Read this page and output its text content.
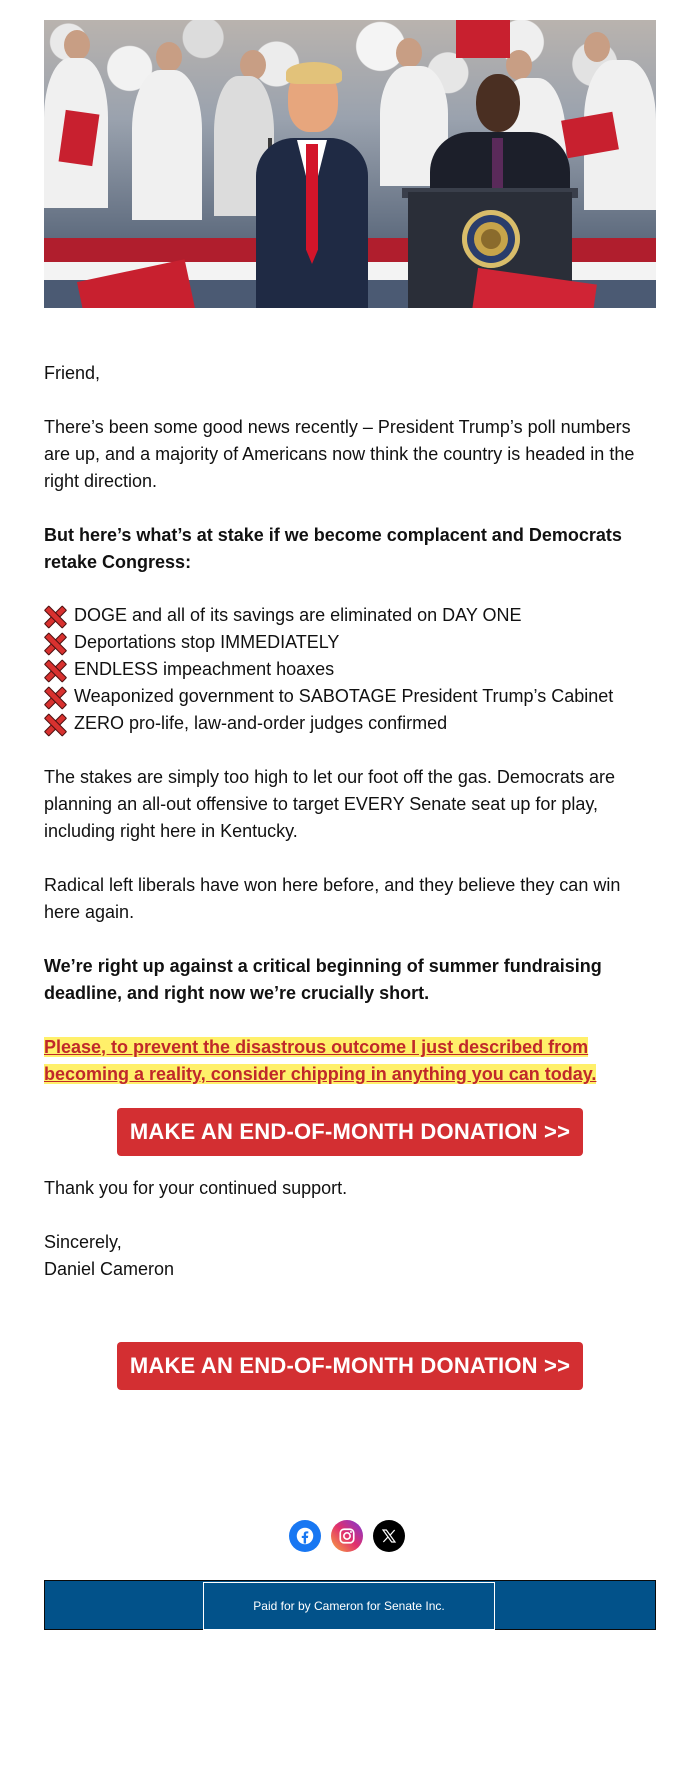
Friend,

There’s been some good news recently – President Trump’s poll numbers are up, and a majority of Americans now think the country is headed in the right direction.

But here’s what’s at stake if we become complacent and Democrats retake Congress:

DOGE and all of its savings are eliminated on DAY ONE
Deportations stop IMMEDIATELY
ENDLESS impeachment hoaxes
Weaponized government to SABOTAGE President Trump’s Cabinet
ZERO pro-life, law-and-order judges confirmed

The stakes are simply too high to let our foot off the gas. Democrats are planning an all-out offensive to target EVERY Senate seat up for play, including right here in Kentucky.

Radical left liberals have won here before, and they believe they can win here again.

We’re right up against a critical beginning of summer fundraising deadline, and right now we’re crucially short.

Please, to prevent the disastrous outcome I just described from becoming a reality, consider chipping in anything you can today.

MAKE AN END-OF-MONTH DONATION >>

Thank you for your continued support.

Sincerely,

Daniel Cameron

MAKE AN END-OF-MONTH DONATION >>
Paid for by Cameron for Senate Inc.
